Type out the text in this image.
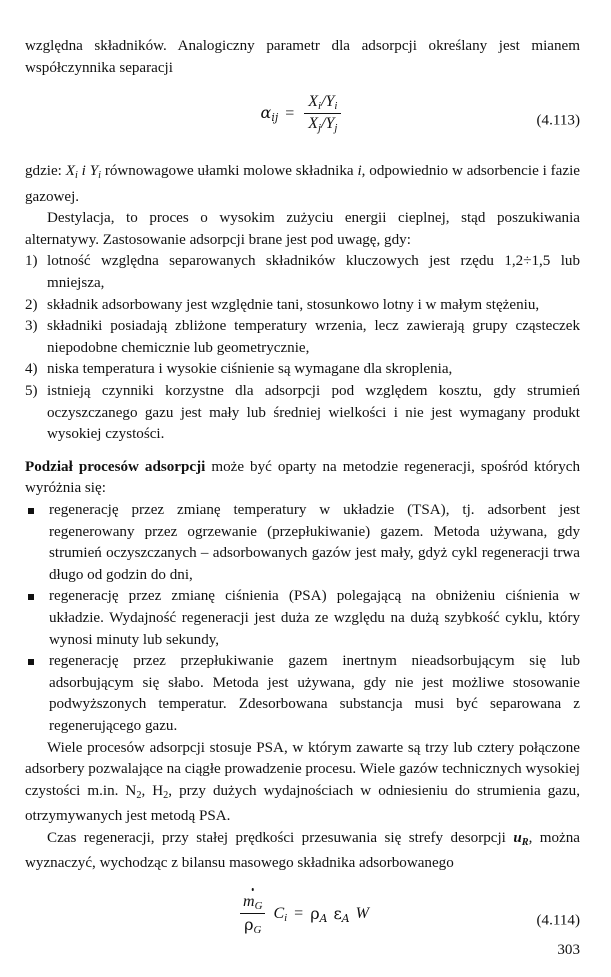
względna składników. Analogiczny parametr dla adsorpcji określany jest mianem współczynnika separacji

$\alpha_{ij} = \frac{X_i/Y_i}{X_j/Y_j}$	(4.113)

gdzie: $X_i$ i $Y_i$ równowagowe ułamki molowe składnika i, odpowiednio w adsorbencie i fazie gazowej.

Destylacja, to proces o wysokim zużyciu energii cieplnej, stąd poszukiwania alternatywy. Zastosowanie adsorpcji brane jest pod uwagę, gdy:

1) lotność względna separowanych składników kluczowych jest rzędu 1,2÷1,5 lub mniejsza,
2) składnik adsorbowany jest względnie tani, stosunkowo lotny i w małym stężeniu,
3) składniki posiadają zbliżone temperatury wrzenia, lecz zawierają grupy cząsteczek niepodobne chemicznie lub geometrycznie,
4) niska temperatura i wysokie ciśnienie są wymagane dla skroplenia,
5) istnieją czynniki korzystne dla adsorpcji pod względem kosztu, gdy strumień oczyszczanego gazu jest mały lub średniej wielkości i nie jest wymagany produkt wysokiej czystości.

Podział procesów adsorpcji może być oparty na metodzie regeneracji, spośród których wyróżnia się:

regenerację przez zmianę temperatury w układzie (TSA), tj. adsorbent jest regenerowany przez ogrzewanie (przepłukiwanie) gazem. Metoda używana, gdy strumień oczyszczanych – adsorbowanych gazów jest mały, gdyż cykl regeneracji trwa długo od godzin do dni,
regenerację przez zmianę ciśnienia (PSA) polegającą na obniżeniu ciśnienia w układzie. Wydajność regeneracji jest duża ze względu na dużą szybkość cyklu, który wynosi minuty lub sekundy,
regenerację przez przepłukiwanie gazem inertnym nieadsorbującym się lub adsorbującym się słabo. Metoda jest używana, gdy nie jest możliwe stosowanie podwyższonych temperatur. Zdesorbowana substancja musi być separowana z regenerującego gazu.

Wiele procesów adsorpcji stosuje PSA, w którym zawarte są trzy lub cztery połączone adsorbery pozwalające na ciągłe prowadzenie procesu. Wiele gazów technicznych wysokiej czystości m.in. $N_2$, $H_2$, przy dużych wydajnościach w odniesieniu do strumienia gazu, otrzymywanych jest metodą PSA.

Czas regeneracji, przy stałej prędkości przesuwania się strefy desorpcji $u_R$, można wyznaczyć, wychodząc z bilansu masowego składnika adsorbowanego

$\frac{m_G}{\rho_G} C_i = \rho_A$ $\varepsilon_A$ W	(4.114)
303
